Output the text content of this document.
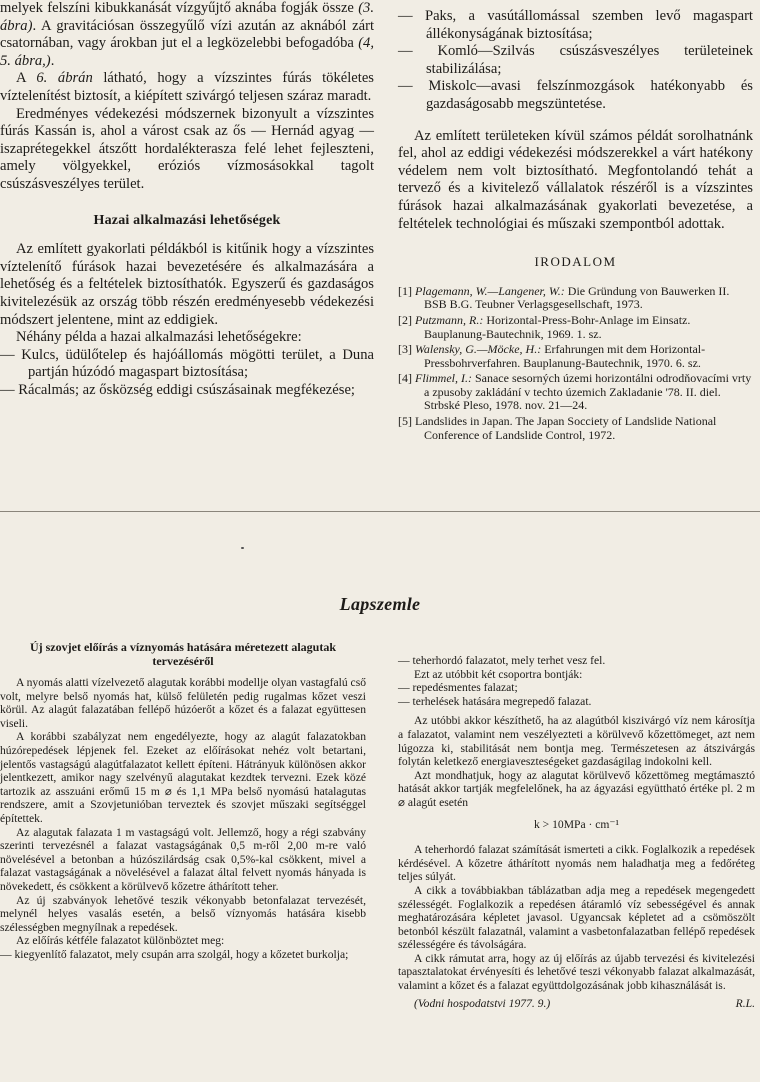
melyek felszíni kibukkanását vízgyűjtő aknába fogják össze (3. ábra). A gravitációsan összegyűlő vízi azután az aknából zárt csatornában, vagy árokban jut el a legközelebbi befogadóba (4, 5. ábra,).

A 6. ábrán látható, hogy a vízszintes fúrás tökéletes víztelenítést biztosít, a kiépített szivárgó teljesen száraz maradt.

Eredményes védekezési módszernek bizonyult a vízszintes fúrás Kassán is, ahol a várost csak az ős — Hernád agyag — iszaprétegekkel átszőtt hordalékterasza felé lehet fejleszteni, amely völgyekkel, eróziós vízmosásokkal tagolt csúszásveszélyes terület.

Hazai alkalmazási lehetőségek

Az említett gyakorlati példákból is kitűnik hogy a vízszintes víztelenítő fúrások hazai bevezetésére és alkalmazására a lehetőség és a feltételek biztosíthatók. Egyszerű és gazdaságos kivitelezésük az ország több részén eredményesebb védekezési módszert jelentene, mint az eddigiek.

Néhány példa a hazai alkalmazási lehetőségekre:

— Kulcs, üdülőtelep és hajóállomás mögötti terület, a Duna partján húzódó magaspart biztosítása;

— Rácalmás; az ősközség eddigi csúszásainak megfékezése;

— Paks, a vasútállomással szemben levő magaspart állékonyságának biztosítása;

— Komló—Szilvás csúszásveszélyes területeinek stabilizálása;

— Miskolc—avasi felszínmozgások hatékonyabb és gazdaságosabb megszüntetése.

Az említett területeken kívül számos példát sorolhatnánk fel, ahol az eddigi védekezési módszerekkel a várt hatékony védelem nem volt biztosítható. Megfontolandó tehát a tervező és a kivitelező vállalatok részéről is a vízszintes fúrások hazai alkalmazásának gyakorlati bevezetése, a feltételek technológiai és műszaki szempontból adottak.

IRODALOM

[1] Plagemann, W.—Langener, W.: Die Gründung von Bauwerken II. BSB B.G. Teubner Verlagsgesellschaft, 1973.

[2] Putzmann, R.: Horizontal-Press-Bohr-Anlage im Einsatz. Bauplanung-Bautechnik, 1969. 1. sz.

[3] Walensky, G.—Möcke, H.: Erfahrungen mit dem Horizontal-Pressbohrverfahren. Bauplanung-Bautechnik, 1970. 6. sz.

[4] Flimmel, I.: Sanace sesorných územi horizontálni odrodňovacími vrty a zpusoby zakládání v techto územich Zakladanie '78. II. diel. Strbské Pleso, 1978. nov. 21—24.

[5] Landslides in Japan. The Japan Socciety of Landslide National Conference of Landslide Control, 1972.

Lapszemle
Új szovjet előírás a víznyomás hatására méretezett alagutak tervezéséről

A nyomás alatti vízelvezető alagutak korábbi modellje olyan vastagfalú cső volt, melyre belső nyomás hat, külső felületén pedig rugalmas kőzet veszi körül. Az alagút falazatában fellépő húzóerőt a kőzet és a falazat együttesen viseli.

A korábbi szabályzat nem engedélyezte, hogy az alagút falazatokban húzórepedések lépjenek fel. Ezeket az előírásokat nehéz volt betartani, jelentős vastagságú alagútfalazatot kellett építeni. Hátrányuk különösen akkor jelentkezett, amikor nagy szelvényű alagutakat kezdtek tervezni. Ezek közé tartozik az asszuáni erőmű 15 m ⌀ és 1,1 MPa belső nyomású hatalagutas rendszere, amit a Szovjetunióban terveztek és szovjet műszaki segítséggel építettek.

Az alagutak falazata 1 m vastagságú volt. Jellemző, hogy a régi szabvány szerinti tervezésnél a falazat vastagságának 0,5 m-ről 2,00 m-re való növelésével a betonban a húzószilárdság csak 0,5%-kal csökkent, mivel a falazat vastagságának a növelésével a falazat által felvett nyomás hányada is növekedett, és csökkent a körülvevő kőzetre áthárított teher.

Az új szabványok lehetővé teszik vékonyabb betonfalazat tervezését, melynél helyes vasalás esetén, a belső víznyomás hatására kisebb szélességben megnyílnak a repedések.

Az előírás kétféle falazatot különböztet meg:

— kiegyenlítő falazatot, mely csupán arra szolgál, hogy a kőzetet burkolja;

— teherhordó falazatot, mely terhet vesz fel.

Ezt az utóbbit két csoportra bontják:

— repedésmentes falazat;

— terhelések hatására megrepedő falazat.

Az utóbbi akkor készíthető, ha az alagútból kiszivárgó víz nem károsítja a falazatot, valamint nem veszélyezteti a körülvevő kőzettömeget, azt nem lúgozza ki, stabilitását nem bontja meg. Természetesen az átszivárgás folytán keletkező energiaveszteségeket gazdaságilag indokolni kell.

Azt mondhatjuk, hogy az alagutat körülvevő kőzettömeg megtámasztó hatását akkor tartják megfelelőnek, ha az ágyazási együttható értéke pl. 2 m ⌀ alagút esetén

k > 10MPa · cm⁻¹

A teherhordó falazat számítását ismerteti a cikk. Foglalkozik a repedések kérdésével. A kőzetre áthárított nyomás nem haladhatja meg a fedőréteg teljes súlyát.

A cikk a továbbiakban táblázatban adja meg a repedések megengedett szélességét. Foglalkozik a repedésen átáramló víz sebességével és annak meghatározására képletet javasol. Ugyancsak képletet ad a csömöszölt betonból készült falazatnál, valamint a vasbetonfalazatban fellépő repedések szélességére és távolságára.

A cikk rámutat arra, hogy az új előírás az újabb tervezési és kivitelezési tapasztalatokat érvényesíti és lehetővé teszi vékonyabb falazat alkalmazását, valamint a kőzet és a falazat együttdolgozásának jobb kihasználását is.

(Vodni hospodatstvi 1977. 9.)	R.L.
